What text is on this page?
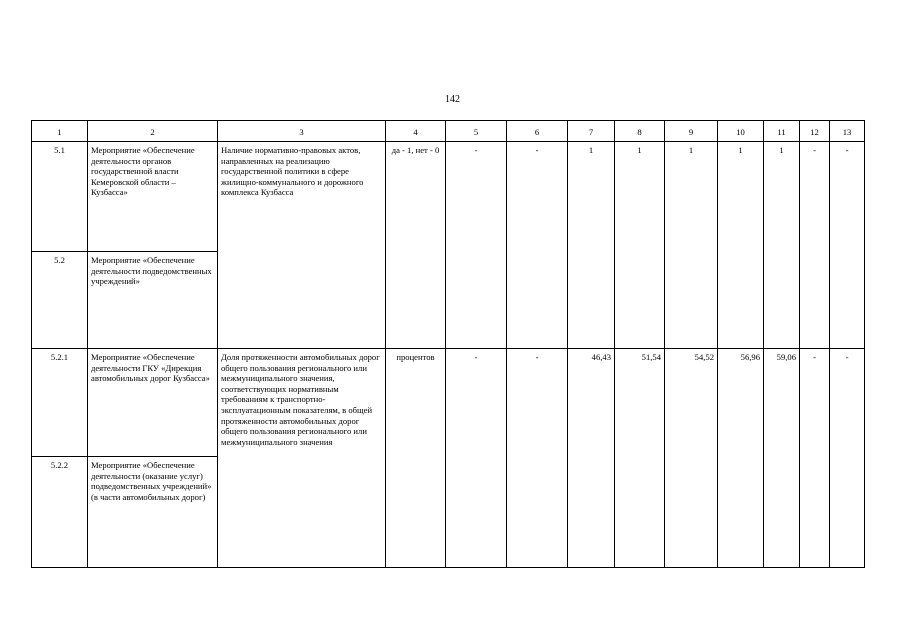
142
1	2	3	4	5	6	7	8	9	10	11	12	13
5.1	Мероприятие «Обеспечение деятельности органов государственной власти Кемеровской области – Кузбасса»	Наличие нормативно-правовых актов, направленных на реализацию государственной политики в сфере жилищно-коммунального и дорожного комплекса Кузбасса	да - 1, нет - 0	-	-	1	1	1	1	1	-	-
5.2	Мероприятие «Обеспечение деятельности подведомственных учреждений»											
5.2.1	Мероприятие «Обеспечение деятельности ГКУ «Дирекция автомобильных дорог Кузбасса»	Доля протяженности автомобильных дорог общего пользования регионального или межмуниципального значения, соответствующих нормативным требованиям к транспортно-эксплуатационным показателям, в общей протяженности автомобильных дорог общего пользования регионального или межмуниципального значения	процентов	-	-	46,43	51,54	54,52	56,96	59,06	-	-
5.2.2	Мероприятие «Обеспечение деятельности (оказание услуг) подведомственных учреждений» (в части автомобильных дорог)											
